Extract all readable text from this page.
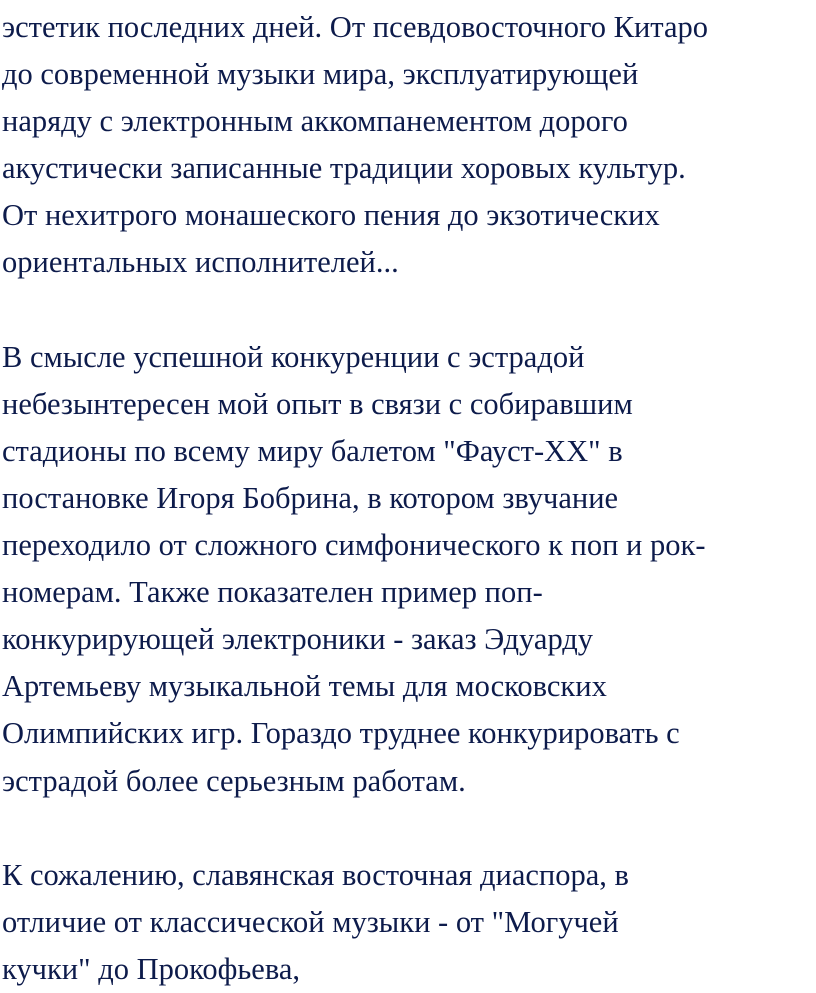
эстетик последних дней. От псевдовосточного Китаро
до современной музыки мира, эксплуатирующей
наряду с электронным аккомпанементом дорого
акустически записанные традиции хоровых культур.
От нехитрого монашеского пения до экзотических
ориентальных исполнителей...
В смысле успешной конкуренции с эстрадой
небезынтересен мой опыт в связи с собиравшим
стадионы по всему миру балетом "Фауст-XX" в
постановке Игоря Бобрина, в котором звучание
переходило от сложного симфонического к поп и рок-
номерам. Также показателен пример поп-
конкурирующей электроники - заказ Эдуарду
Артемьеву музыкальной темы для московских
Олимпийских игр. Гораздо труднее конкурировать с
эстрадой более серьезным работам.
К сожалению, славянская восточная диаспора, в
отличие от классической музыки - от "Могучей
кучки" до Прокофьева,
